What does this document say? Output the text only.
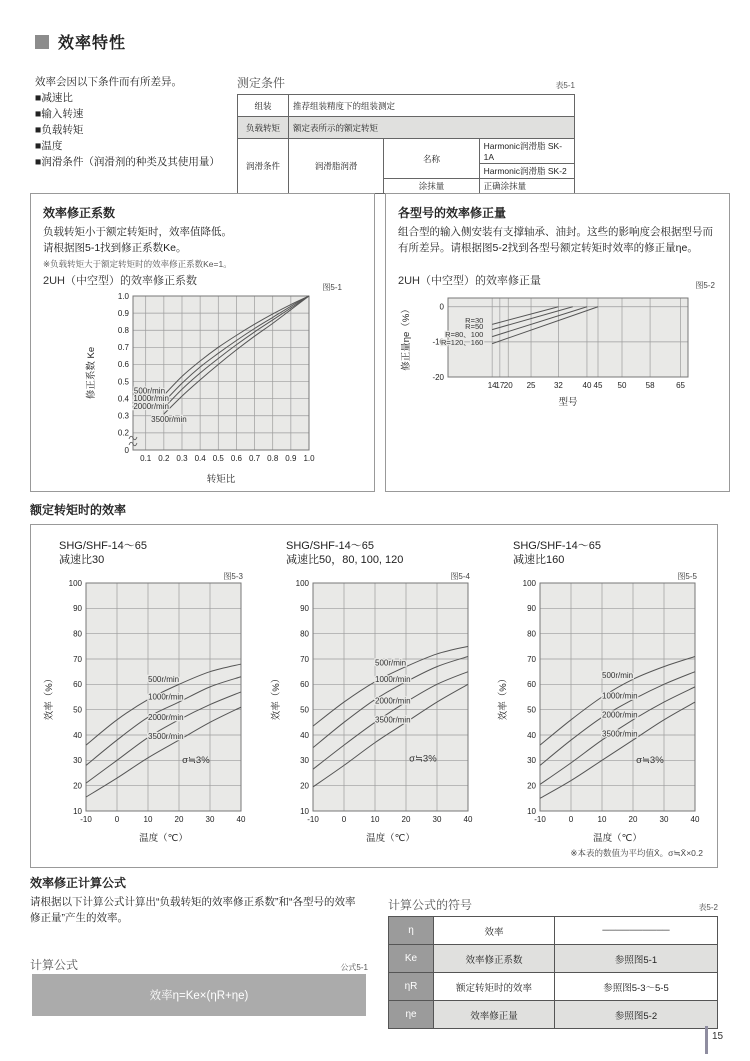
效率特性
效率会因以下条件而有所差异。
■减速比
■输入转速
■负载转矩
■温度
■润滑条件（润滑剂的种类及其使用量）
测定条件	表5-1
组装	推荐组装精度下的组装测定		
负载转矩	额定表所示的额定转矩		
润滑条件	润滑脂润滑	名称	Harmonic润滑脂 SK-1A
			Harmonic润滑脂 SK-2
		涂抹量	正确涂抹量
效率修正系数
负载转矩小于额定转矩时，效率值降低。
请根据图5-1找到修正系数Ke。
※负载转矩大于额定转矩时的效率修正系数Ke=1。
2UH（中空型）的效率修正系数
图5-1
0.1 0.2 0.3 0.4 0.5 0.6 0.7 0.8 0.9 1.0
1.0
0.9
0.8
0.7
0.6
0.5
0.4
0.3
0.2
0
500r/min
1000r/min
2000r/min
3500r/min
转矩比
修正系数 Ke
各型号的效率修正量
组合型的输入侧安装有支撑轴承、油封。这些的影响度会根据型号而
有所差异。请根据图5-2找到各型号额定转矩时效率的修正量ηe。
2UH（中空型）的效率修正量	图5-2
14
17 20 25 32 40 45 50 58	65
0
-10
-20
R=30
R=50
R=80、100
R=120、160
型号
修正量ηe（%）
额定转矩时的效率
SHG/SHF-14～65
减速比30
图5-3
-10	0	10	20	30	40
100
90
80
70
60
50
40
30
20
10
500r/min
1000r/min
2000r/min
3500r/min
σ≒3%
温度（℃）
效率（%）
SHG/SHF-14～65
减速比50，80, 100, 120
图5-4
-10	0	10	20	30	40
100
90
80
70
60
50
40
30
20
10
500r/min
1000r/min
2000r/min
3500r/min
σ≒3%
温度（℃）
效率（%）
SHG/SHF-14～65
减速比160
图5-5
-10	0	10	20	30	40
100
90
80
70
60
50
40
30
20
10
500r/min
1000r/min
2000r/min
3500r/min
σ≒3%
温度（℃）
效率（%）
※本表的数值为平均值X̄。σ≒X̄×0.2
效率修正计算公式
请根据以下计算公式计算出“负载转矩的效率修正系数”和“各型号的效率
修正量”产生的效率。
计算公式	公式5-1
效率η=Ke×(ηR+ηe)
计算公式的符号	表5-2
η	效率	──────────
Ke	效率修正系数	参照图5-1
ηR	额定转矩时的效率	参照图5-3～5-5
ηe	效率修正量	参照图5-2
15
